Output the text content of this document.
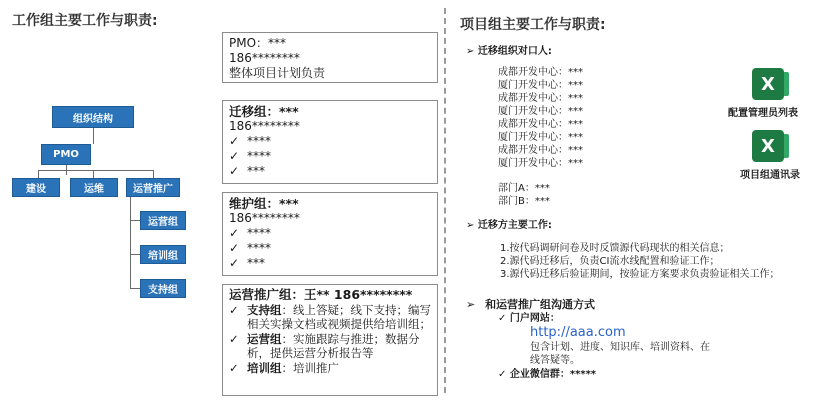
工作组主要工作与职责:	项目组主要工作与职责:
组织结构
PMO
建设	运维	运营推广
运营组
培训组
支持组
PMO：***
186********
整体项目计划负责
迁移组：***
186********
✓ ****
✓ ****
✓ ***
维护组：***
186********
✓ ****
✓ ****
✓ ***
运营推广组：王** 186********
✓ 支持组：线上答疑；线下支持；编写相关实操文档或视频提供给培训组；
✓ 运营组：实施跟踪与推进；数据分析，提供运营分析报告等
✓ 培训组：培训推广
➢ 迁移组织对口人:
成都开发中心：***
厦门开发中心：***
成都开发中心：***
厦门开发中心：***
成都开发中心：***
厦门开发中心：***
成都开发中心：***
厦门开发中心：***
部门A：***
部门B：***
X
配置管理员列表
X
项目组通讯录
➢ 迁移方主要工作:
1.按代码调研问卷及时反馈源代码现状的相关信息；
2.源代码迁移后，负责CI流水线配置和验证工作；
3.源代码迁移后验证期间，按验证方案要求负责验证相关工作；
➢ 和运营推广组沟通方式
✓ 门户网站：
http://aaa.com
包含计划、进度、知识库、培训资料、在
线答疑等。
✓ 企业微信群：*****
